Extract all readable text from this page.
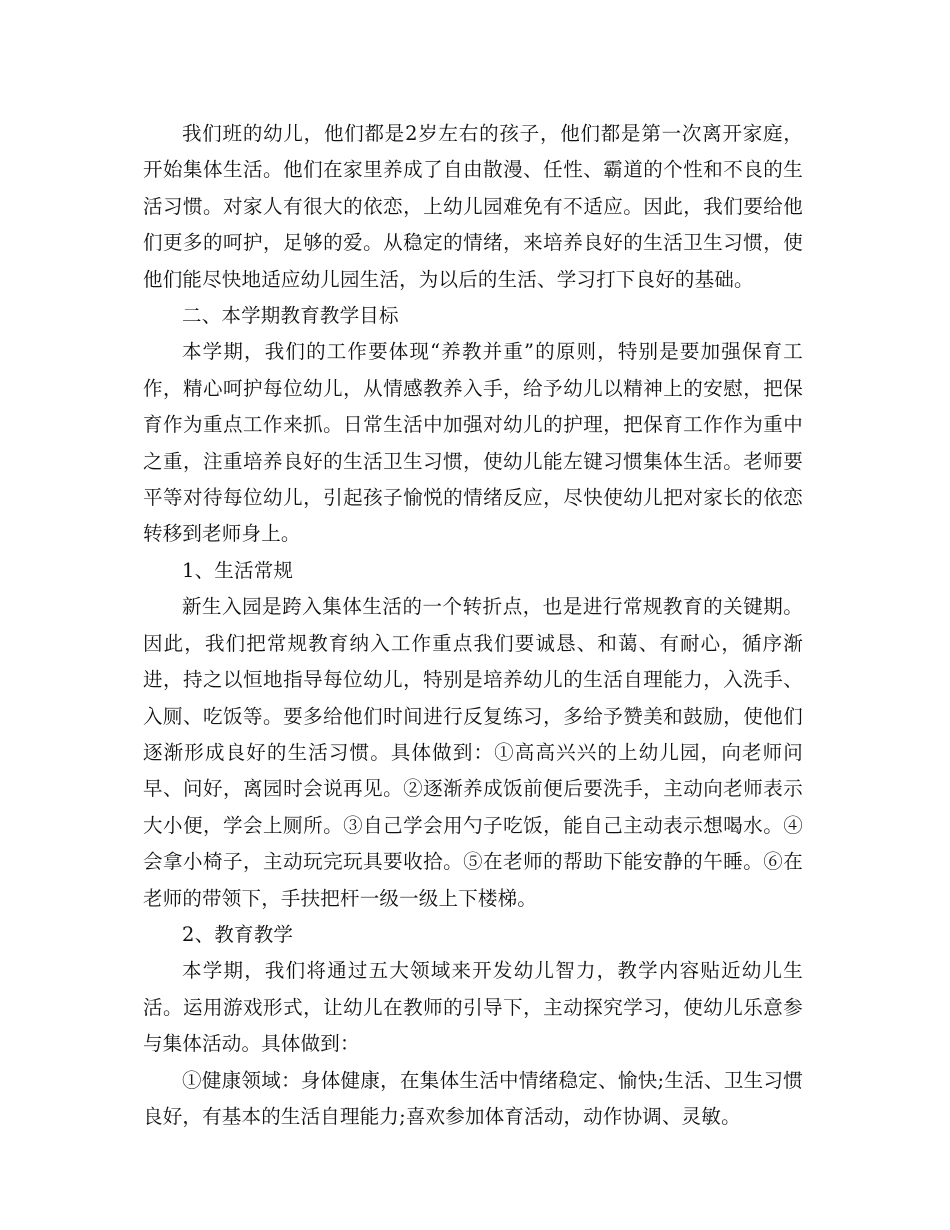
我们班的幼儿，他们都是2岁左右的孩子，他们都是第一次离开家庭，开始集体生活。他们在家里养成了自由散漫、任性、霸道的个性和不良的生活习惯。对家人有很大的依恋，上幼儿园难免有不适应。因此，我们要给他们更多的呵护，足够的爱。从稳定的情绪，来培养良好的生活卫生习惯，使他们能尽快地适应幼儿园生活，为以后的生活、学习打下良好的基础。

二、本学期教育教学目标

本学期，我们的工作要体现“养教并重”的原则，特别是要加强保育工作，精心呵护每位幼儿，从情感教养入手，给予幼儿以精神上的安慰，把保育作为重点工作来抓。日常生活中加强对幼儿的护理，把保育工作作为重中之重，注重培养良好的生活卫生习惯，使幼儿能左键习惯集体生活。老师要平等对待每位幼儿，引起孩子愉悦的情绪反应，尽快使幼儿把对家长的依恋转移到老师身上。

1、生活常规

新生入园是跨入集体生活的一个转折点，也是进行常规教育的关键期。因此，我们把常规教育纳入工作重点我们要诚恳、和蔼、有耐心，循序渐进，持之以恒地指导每位幼儿，特别是培养幼儿的生活自理能力，入洗手、入厕、吃饭等。要多给他们时间进行反复练习，多给予赞美和鼓励，使他们逐渐形成良好的生活习惯。具体做到：①高高兴兴的上幼儿园，向老师问早、问好，离园时会说再见。②逐渐养成饭前便后要洗手，主动向老师表示大小便，学会上厕所。③自己学会用勺子吃饭，能自己主动表示想喝水。④会拿小椅子，主动玩完玩具要收拾。⑤在老师的帮助下能安静的午睡。⑥在老师的带领下，手扶把杆一级一级上下楼梯。

2、教育教学

本学期，我们将通过五大领域来开发幼儿智力，教学内容贴近幼儿生活。运用游戏形式，让幼儿在教师的引导下，主动探究学习，使幼儿乐意参与集体活动。具体做到：

①健康领域：身体健康，在集体生活中情绪稳定、愉快;生活、卫生习惯良好，有基本的生活自理能力;喜欢参加体育活动，动作协调、灵敏。
